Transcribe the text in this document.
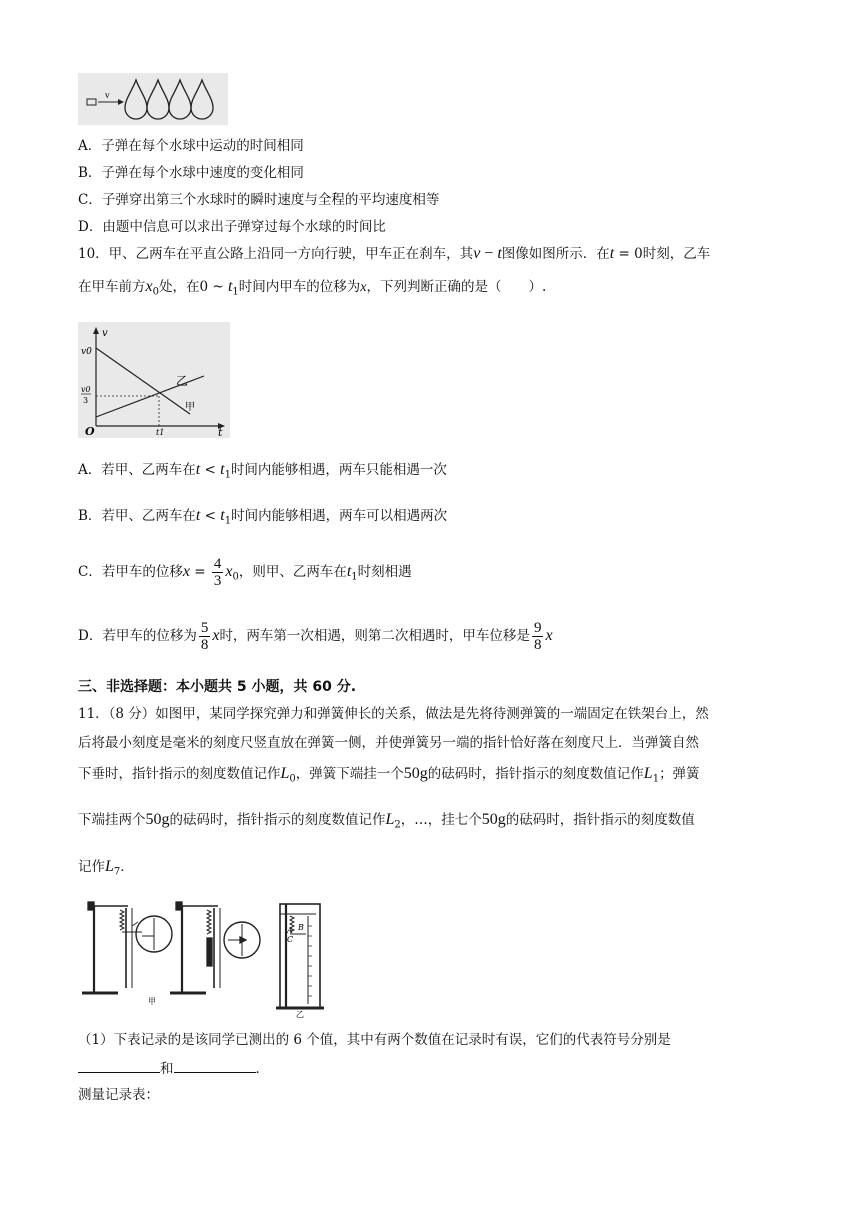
v
A．子弹在每个水球中运动的时间相同
B．子弹在每个水球中速度的变化相同
C．子弹穿出第三个水球时的瞬时速度与全程的平均速度相等
D．由题中信息可以求出子弹穿过每个水球的时间比
10．甲、乙两车在平直公路上沿同一方向行驶，甲车正在刹车，其v − t图像如图所示．在t = 0时刻，乙车
在甲车前方$x_0$处，在0 ~ $t_1$时间内甲车的位移为x，下列判断正确的是（　　）.
v
t
O
v0
v0
3
t1
乙
甲
A．若甲、乙两车在$t < t_1$时间内能够相遇，两车只能相遇一次
B．若甲、乙两车在$t < t_1$时间内能够相遇，两车可以相遇两次
C．若甲车的位移$x = \frac{4}{3} x_0$，则甲、乙两车在$t_1$时刻相遇
D．若甲车的位移为 $\frac{5}{8}$ x时，两车第一次相遇，则第二次相遇时，甲车位移是 $\frac{9}{8}$ x
三、非选择题：本小题共 5 小题，共 60 分.
11．（8 分）如图甲，某同学探究弹力和弹簧伸长的关系，做法是先将待测弹簧的一端固定在铁架台上，然
后将最小刻度是毫米的刻度尺竖直放在弹簧一侧，并使弹簧另一端的指针恰好落在刻度尺上．当弹簧自然
下垂时，指针指示的刻度数值记作$L_0$，弹簧下端挂一个50g的砝码时，指针指示的刻度数值记作$L_1$；弹簧
下端挂两个50g的砝码时，指针指示的刻度数值记作$L_2$，…，挂七个50g的砝码时，指针指示的刻度数值
记作$L_7$．
A B
C
甲
乙
（1）下表记录的是该同学已测出的 6 个值，其中有两个数值在记录时有误，它们的代表符号分别是
和	．
测量记录表：
